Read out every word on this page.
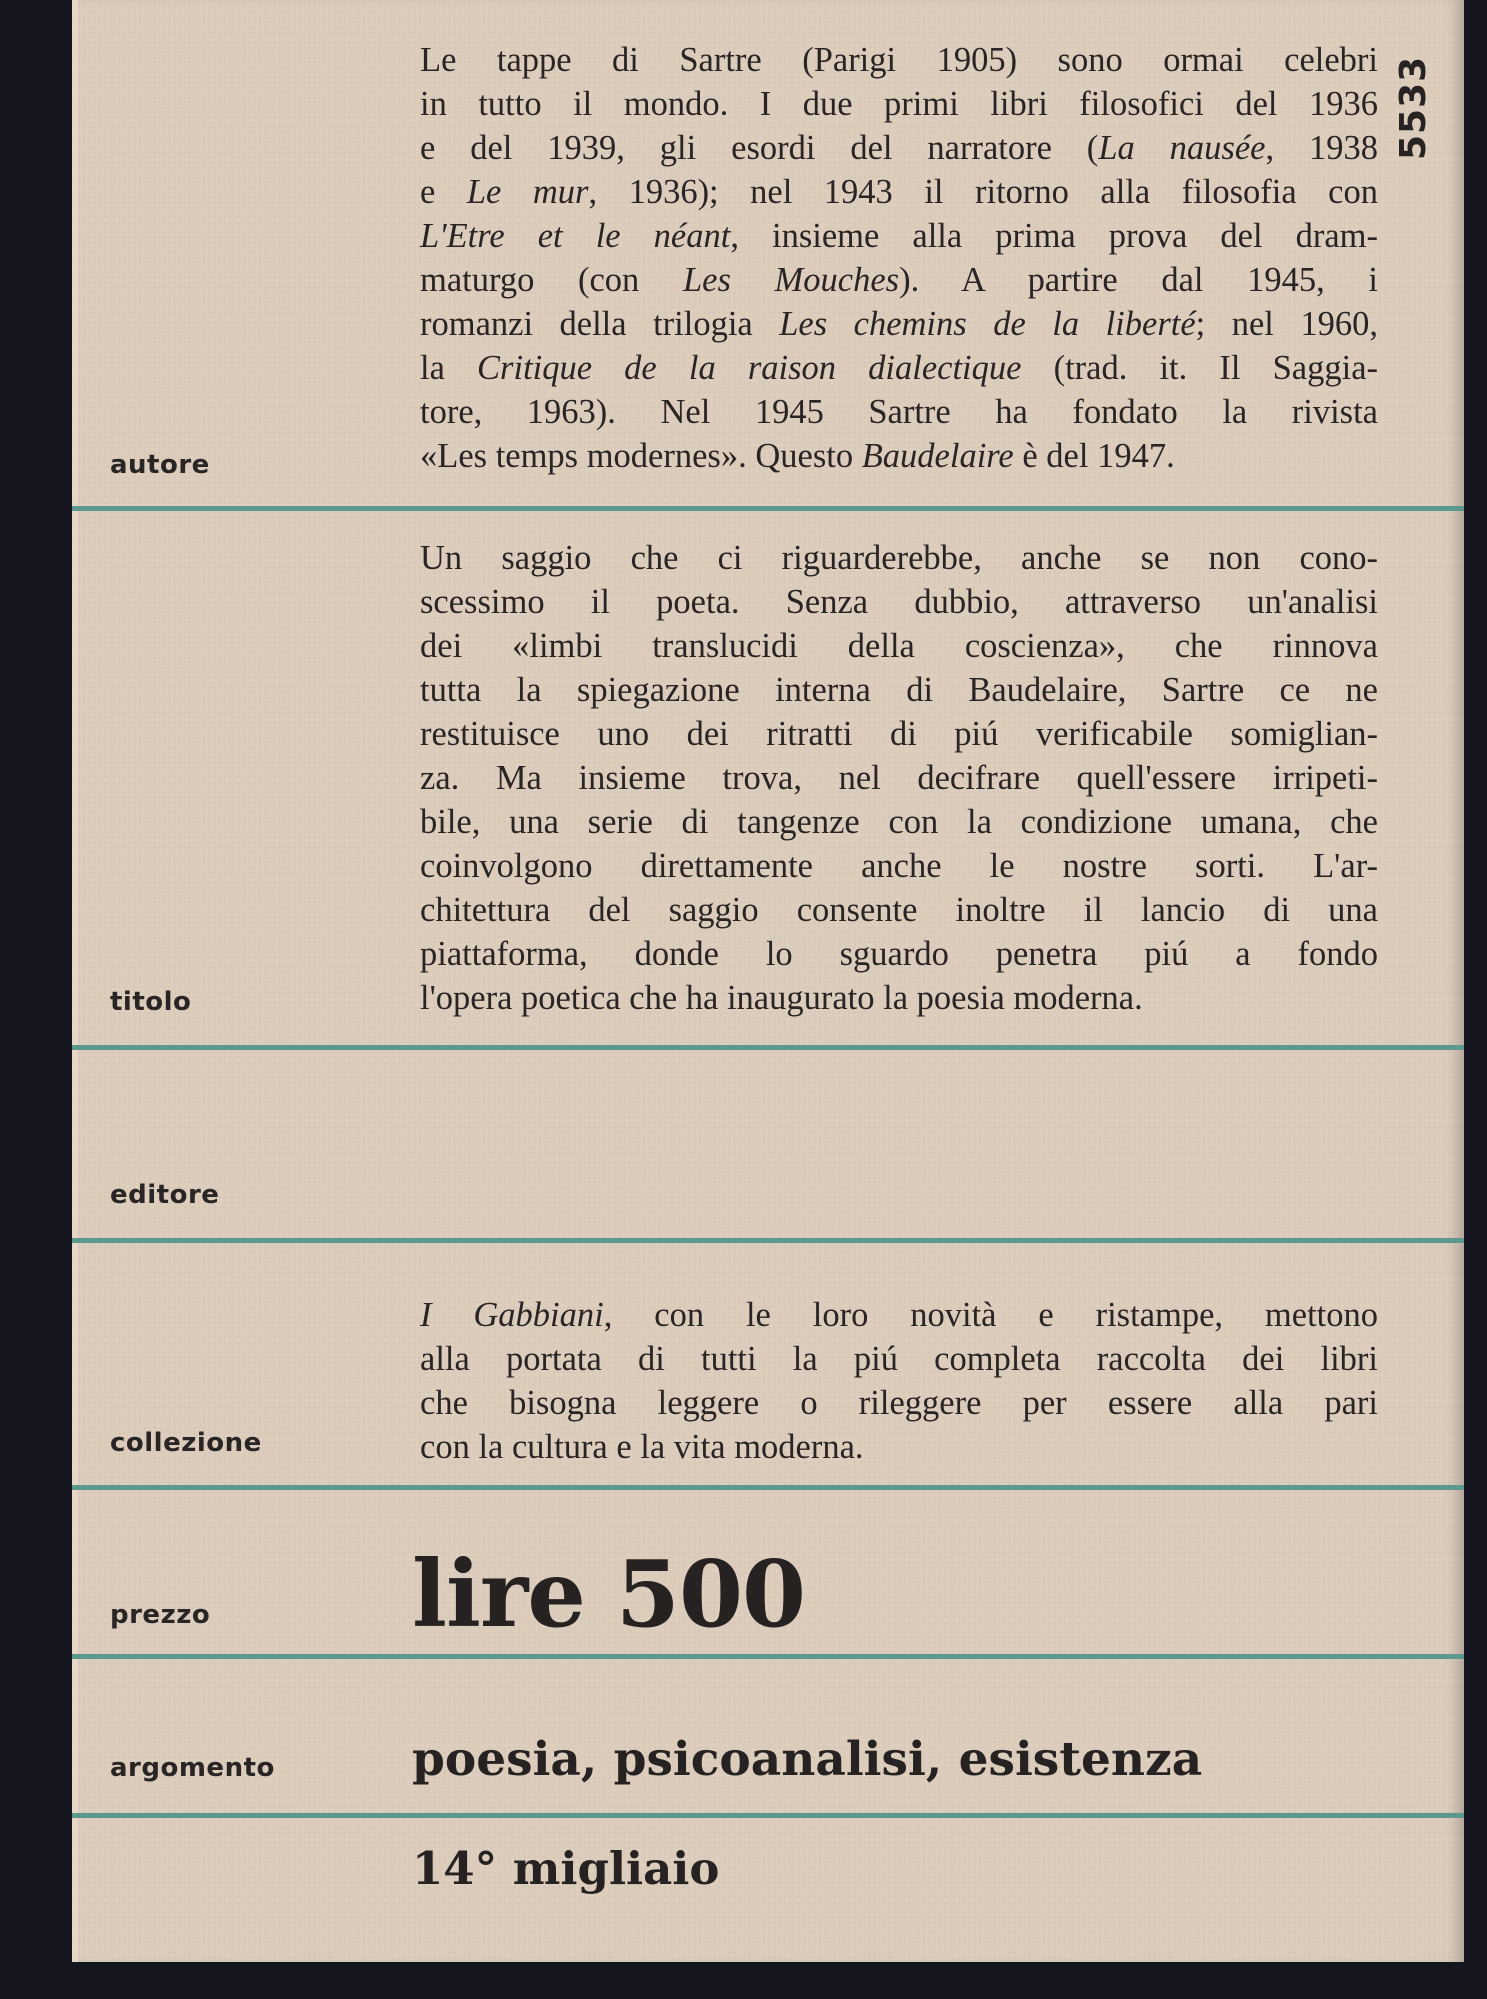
5533
Le tappe di Sartre (Parigi 1905) sono ormai celebri
in tutto il mondo. I due primi libri filosofici del 1936
e del 1939, gli esordi del narratore (La nausée, 1938
e Le mur, 1936); nel 1943 il ritorno alla filosofia con
L'Etre et le néant, insieme alla prima prova del dram-
maturgo (con Les Mouches). A partire dal 1945, i
romanzi della trilogia Les chemins de la liberté; nel 1960,
la Critique de la raison dialectique (trad. it. Il Saggia-
tore, 1963). Nel 1945 Sartre ha fondato la rivista
«Les temps modernes». Questo Baudelaire è del 1947.
autore
Un saggio che ci riguarderebbe, anche se non cono-
scessimo il poeta. Senza dubbio, attraverso un'analisi
dei «limbi translucidi della coscienza», che rinnova
tutta la spiegazione interna di Baudelaire, Sartre ce ne
restituisce uno dei ritratti di piú verificabile somiglian-
za. Ma insieme trova, nel decifrare quell'essere irripeti-
bile, una serie di tangenze con la condizione umana, che
coinvolgono direttamente anche le nostre sorti. L'ar-
chitettura del saggio consente inoltre il lancio di una
piattaforma, donde lo sguardo penetra piú a fondo
l'opera poetica che ha inaugurato la poesia moderna.
titolo
editore
I Gabbiani, con le loro novità e ristampe, mettono
alla portata di tutti la piú completa raccolta dei libri
che bisogna leggere o rileggere per essere alla pari
con la cultura e la vita moderna.
collezione
lire 500
prezzo
poesia, psicoanalisi, esistenza
argomento
14° migliaio
